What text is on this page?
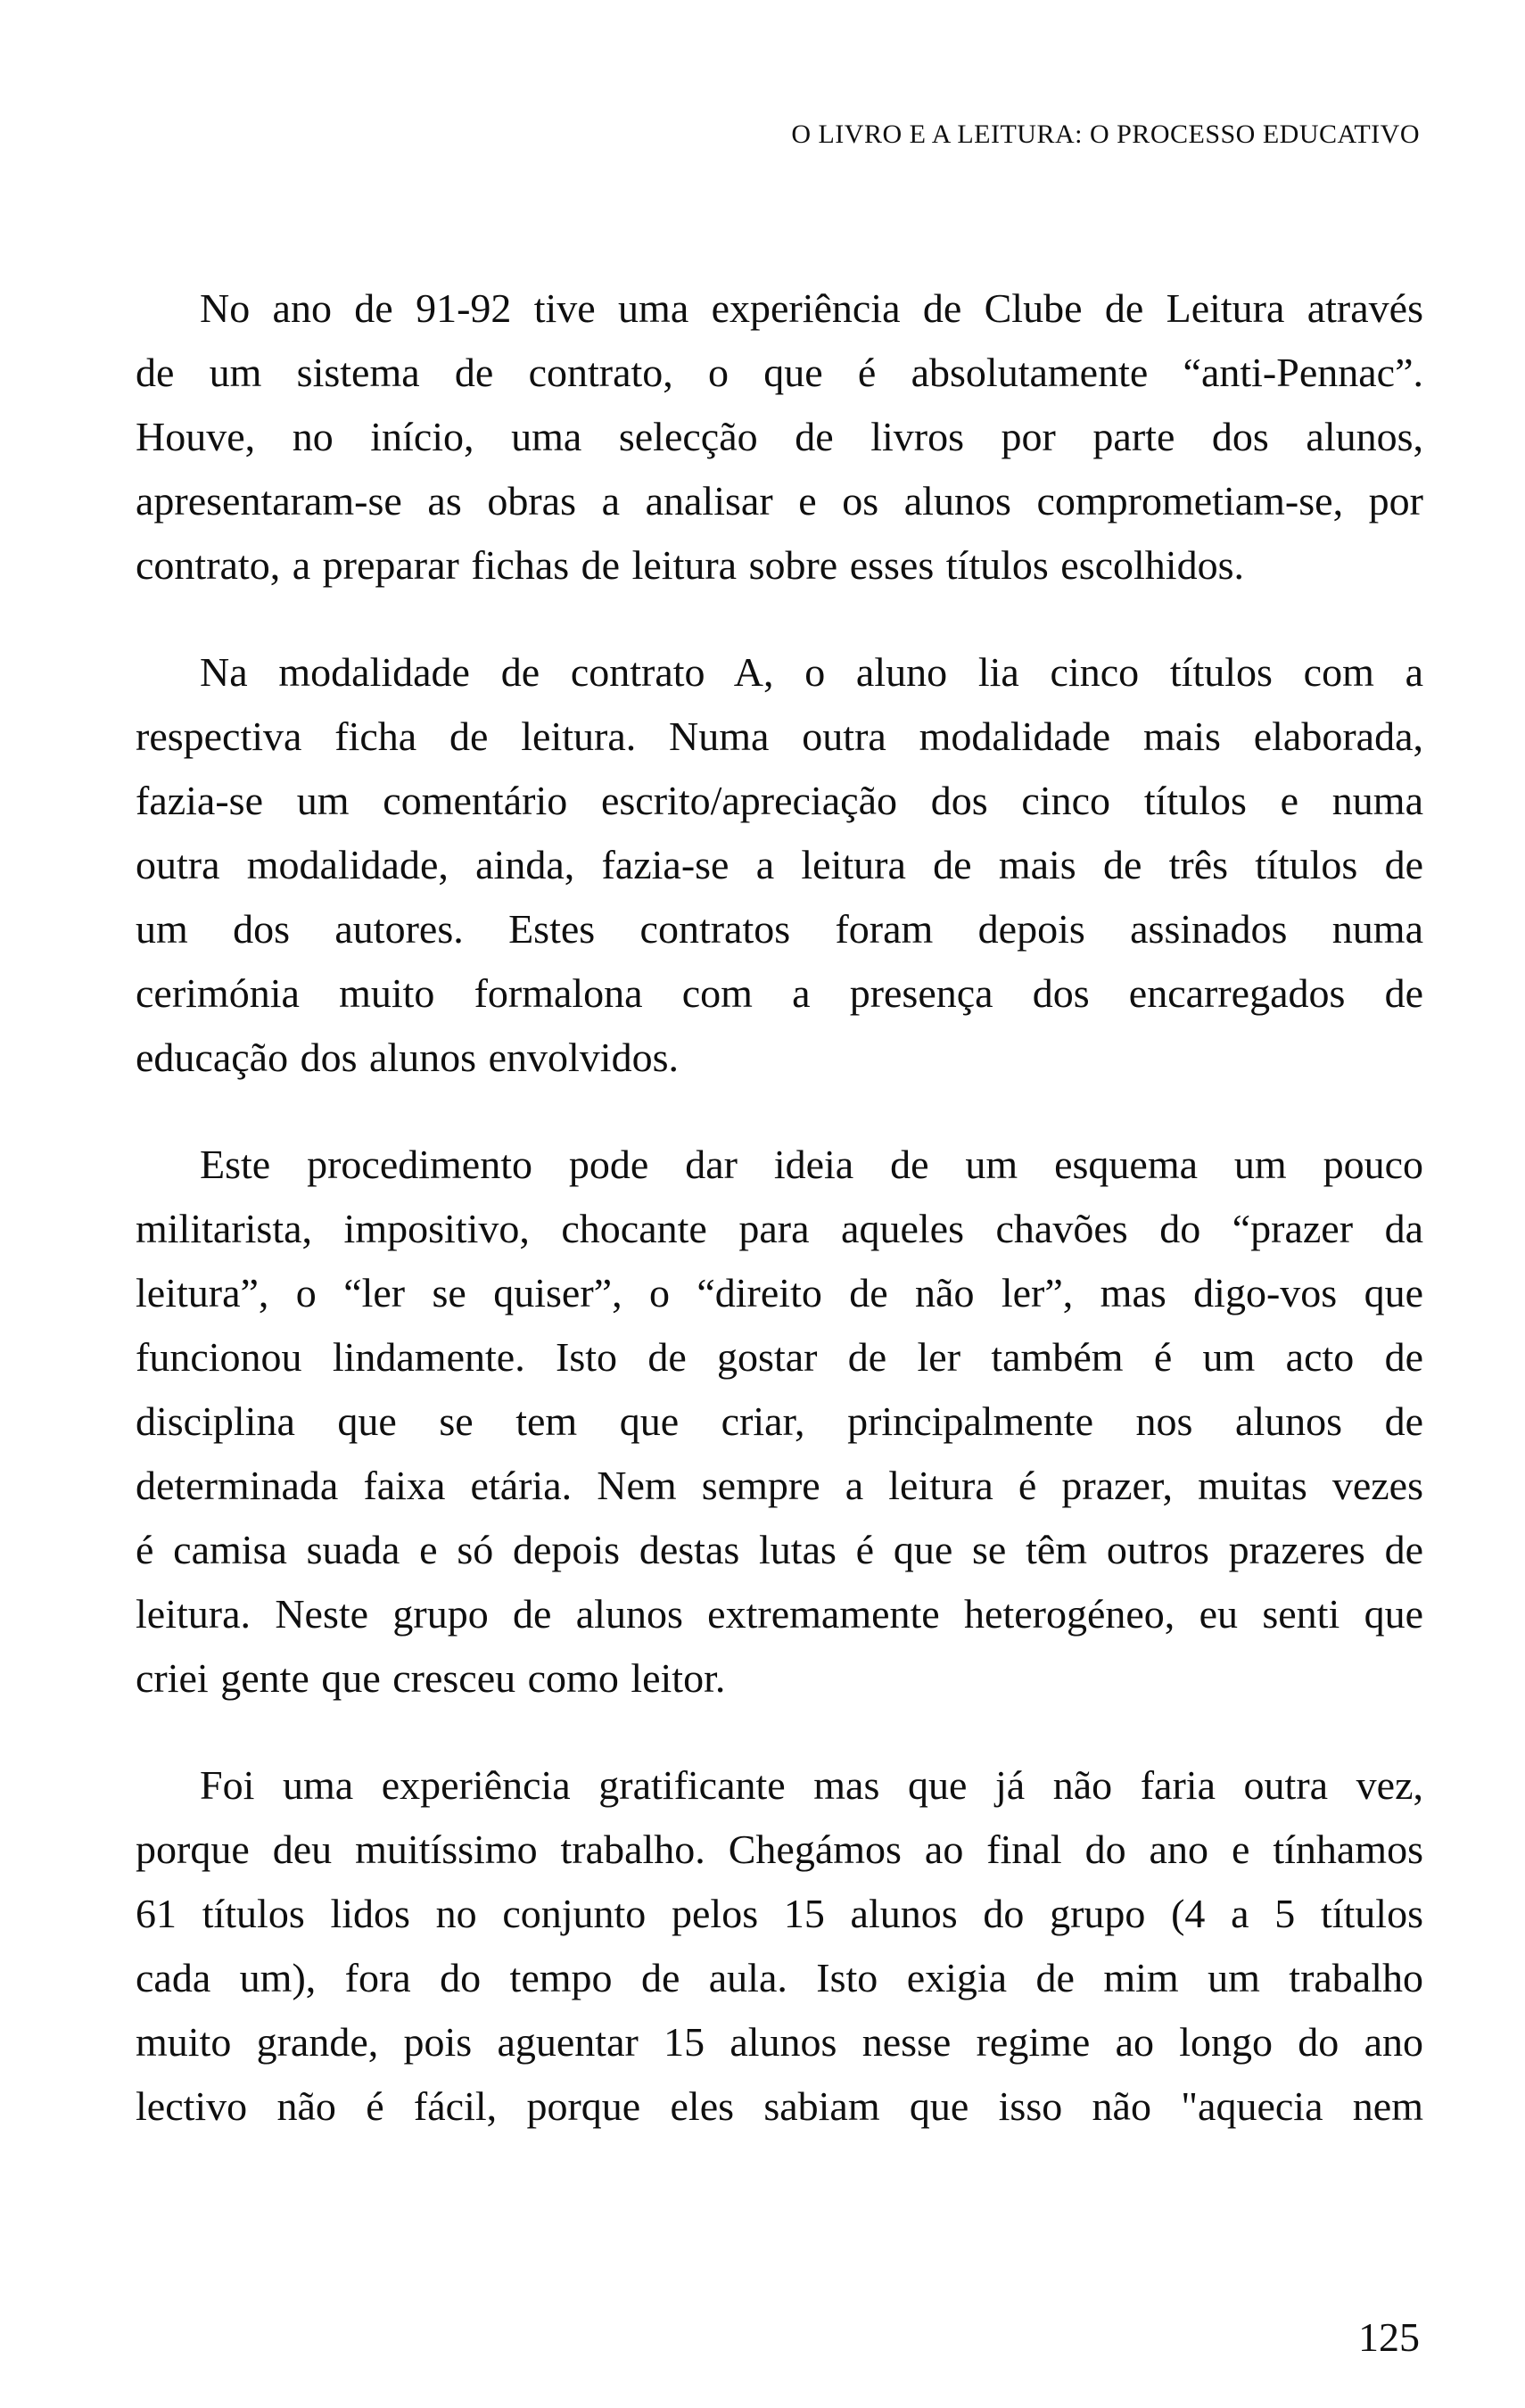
O LIVRO E A LEITURA: O PROCESSO EDUCATIVO
No ano de 91-92 tive uma experiência de Clube de Leitura através
de um sistema de contrato, o que é absolutamente “anti-Pennac”.
Houve, no início, uma selecção de livros por parte dos alunos,
apresentaram-se as obras a analisar e os alunos comprometiam-se, por
contrato, a preparar fichas de leitura sobre esses títulos escolhidos.
Na modalidade de contrato A, o aluno lia cinco títulos com a
respectiva ficha de leitura. Numa outra modalidade mais elaborada,
fazia-se um comentário escrito/apreciação dos cinco títulos e numa
outra modalidade, ainda, fazia-se a leitura de mais de três títulos de
um dos autores. Estes contratos foram depois assinados numa
cerimónia muito formalona com a presença dos encarregados de
educação dos alunos envolvidos.
Este procedimento pode dar ideia de um esquema um pouco
militarista, impositivo, chocante para aqueles chavões do “prazer da
leitura”, o “ler se quiser”, o “direito de não ler”, mas digo-vos que
funcionou lindamente. Isto de gostar de ler também é um acto de
disciplina que se tem que criar, principalmente nos alunos de
determinada faixa etária. Nem sempre a leitura é prazer, muitas vezes
é camisa suada e só depois destas lutas é que se têm outros prazeres de
leitura. Neste grupo de alunos extremamente heterogéneo, eu senti que
criei gente que cresceu como leitor.
Foi uma experiência gratificante mas que já não faria outra vez,
porque deu muitíssimo trabalho. Chegámos ao final do ano e tínhamos
61 títulos lidos no conjunto pelos 15 alunos do grupo (4 a 5 títulos
cada um), fora do tempo de aula. Isto exigia de mim um trabalho
muito grande, pois aguentar 15 alunos nesse regime ao longo do ano
lectivo não é fácil, porque eles sabiam que isso não "aquecia nem
125
